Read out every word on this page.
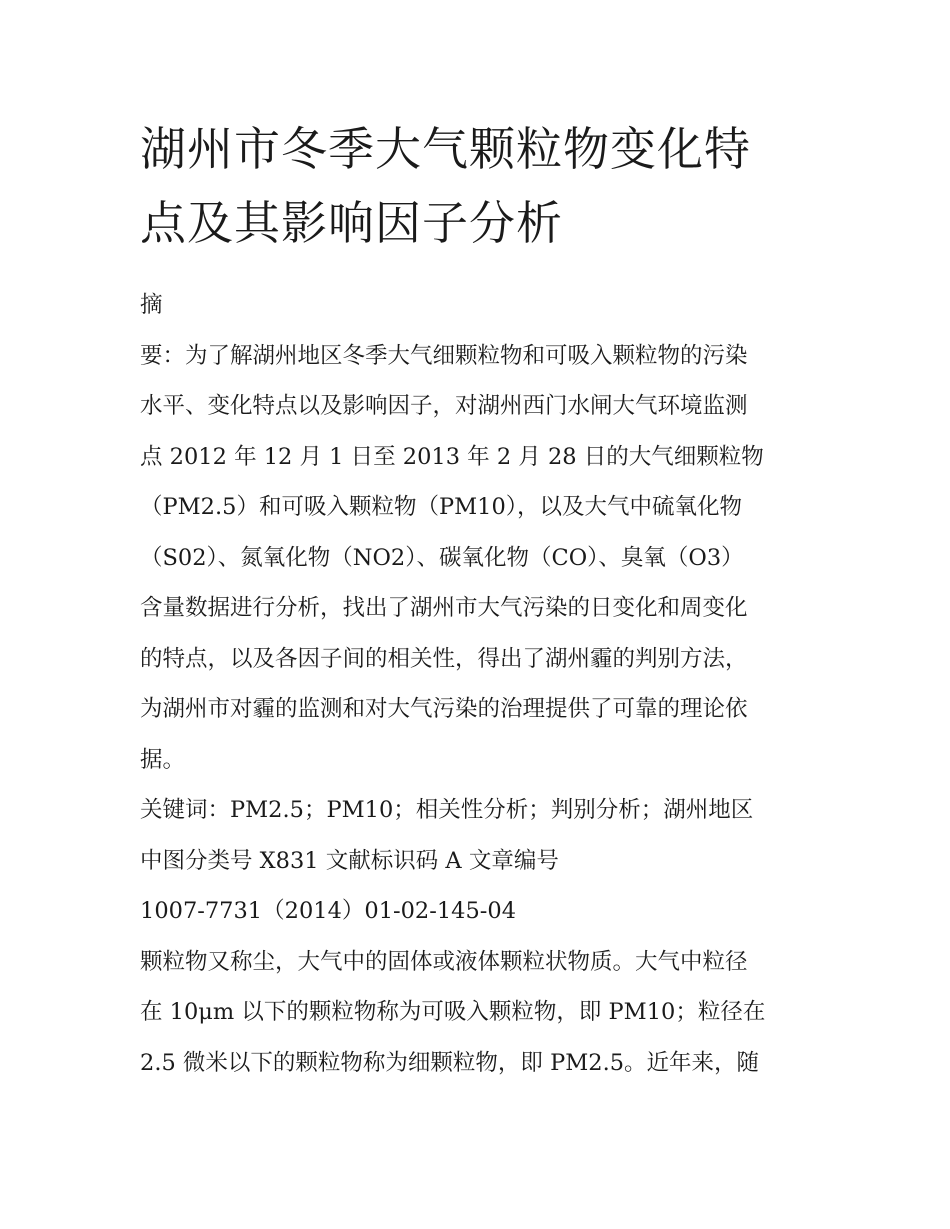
湖州市冬季大气颗粒物变化特
点及其影响因子分析

摘

要：为了解湖州地区冬季大气细颗粒物和可吸入颗粒物的污染

水平、变化特点以及影响因子，对湖州西门水闸大气环境监测

点 2012 年 12 月 1 日至 2013 年 2 月 28 日的大气细颗粒物

（PM2.5）和可吸入颗粒物（PM10），以及大气中硫氧化物

（S02）、氮氧化物（NO2）、碳氧化物（CO）、臭氧（O3）

含量数据进行分析，找出了湖州市大气污染的日变化和周变化

的特点，以及各因子间的相关性，得出了湖州霾的判别方法，

为湖州市对霾的监测和对大气污染的治理提供了可靠的理论依

据。

关键词：PM2.5；PM10；相关性分析；判别分析；湖州地区

中图分类号 X831 文献标识码 A 文章编号

1007-7731（2014）01-02-145-04

颗粒物又称尘，大气中的固体或液体颗粒状物质。大气中粒径

在 10μm 以下的颗粒物称为可吸入颗粒物，即 PM10；粒径在

2.5 微米以下的颗粒物称为细颗粒物，即 PM2.5。近年来，随
